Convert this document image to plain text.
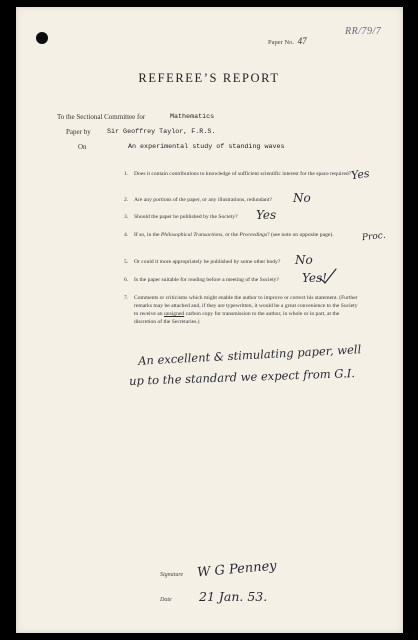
RR/79/7
Paper No. 47
REFEREE’S REPORT
To the Sectional Committee for	Mathematics
Paper by Sir Geoffrey Taylor, F.R.S.
On	An experimental study of standing waves
1. Does it contain contributions to knowledge of sufficient scientific interest for the space required?
Yes
2. Are any portions of the paper, or any illustrations, redundant?	No
3. Should the paper be published by the Society?	Yes
4. If so, in the Philosophical Transactions, or the Proceedings? (see note on opposite page).	Proc.
5. Or could it more appropriately be published by some other body?	No
6. Is the paper suitable for reading before a meeting of the Society?	Yes!
7. Comments or criticisms which might enable the author to improve or correct his statement. (Further remarks may be attached and, if they are typewritten, it would be a great convenience to the Society to receive an unsigned carbon copy for transmission to the author, in whole or in part, at the discretion of the Secretaries.)
An excellent & stimulating paper, well
up to the standard we expect from G.I.
Signature W G Penney
Date 21 Jan. 53.
